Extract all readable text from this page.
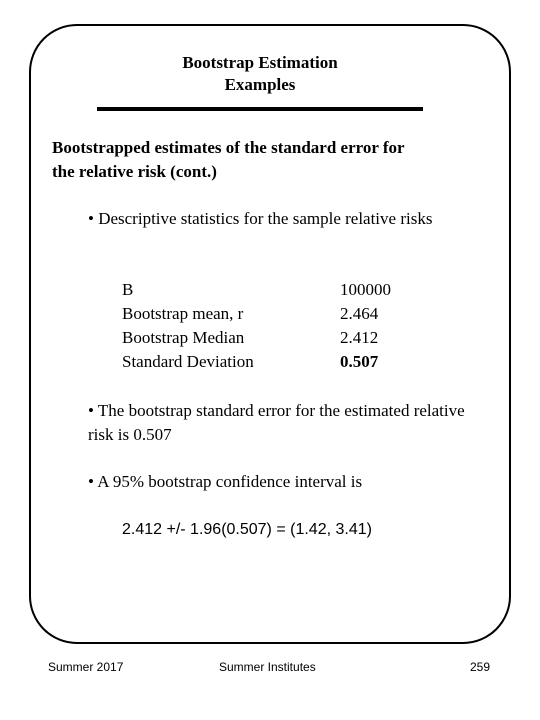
Bootstrap Estimation
Examples
Bootstrapped estimates of the standard error for
the relative risk (cont.)
• Descriptive statistics for the sample relative risks
B	100000
Bootstrap mean, r	2.464
Bootstrap Median	2.412
Standard Deviation	0.507
• The bootstrap standard error for the estimated relative risk is 0.507
• A 95% bootstrap confidence interval is
2.412 +/- 1.96(0.507) = (1.42, 3.41)
Summer 2017	Summer Institutes	259
